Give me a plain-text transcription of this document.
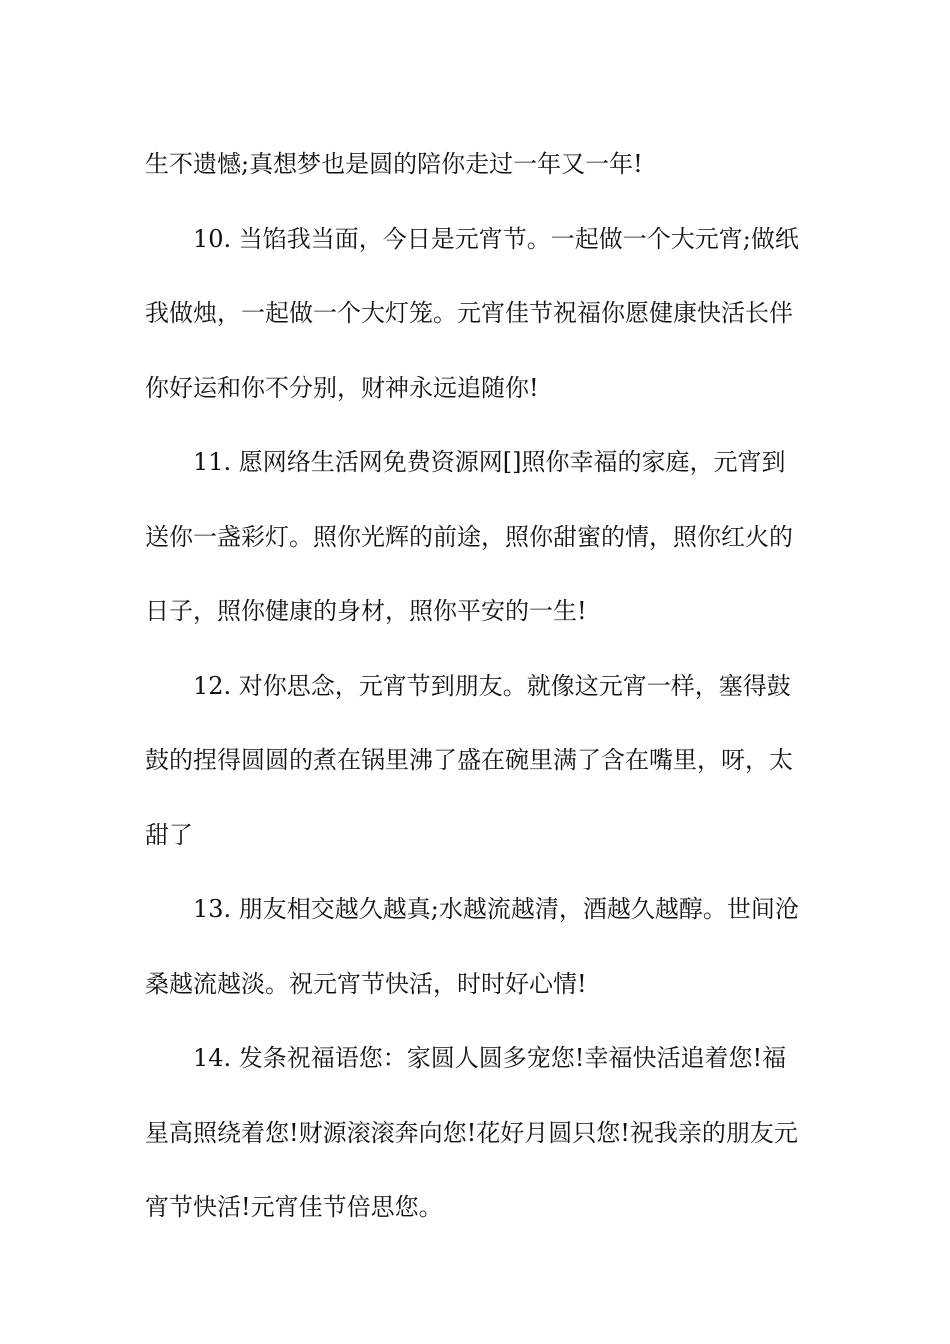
生不遗憾;真想梦也是圆的陪你走过一年又一年!
10. 当馅我当面，今日是元宵节。一起做一个大元宵;做纸
我做烛，一起做一个大灯笼。元宵佳节祝福你愿健康快活长伴
你好运和你不分别，财神永远追随你!
11. 愿网络生活网免费资源网[]照你幸福的家庭，元宵到
送你一盏彩灯。照你光辉的前途，照你甜蜜的情，照你红火的
日子，照你健康的身材，照你平安的一生!
12. 对你思念，元宵节到朋友。就像这元宵一样，塞得鼓
鼓的捏得圆圆的煮在锅里沸了盛在碗里满了含在嘴里，呀，太
甜了
13. 朋友相交越久越真;水越流越清，酒越久越醇。世间沧
桑越流越淡。祝元宵节快活，时时好心情!
14. 发条祝福语您：家圆人圆多宠您!幸福快活追着您!福
星高照绕着您!财源滚滚奔向您!花好月圆只您!祝我亲的朋友元
宵节快活!元宵佳节倍思您。
